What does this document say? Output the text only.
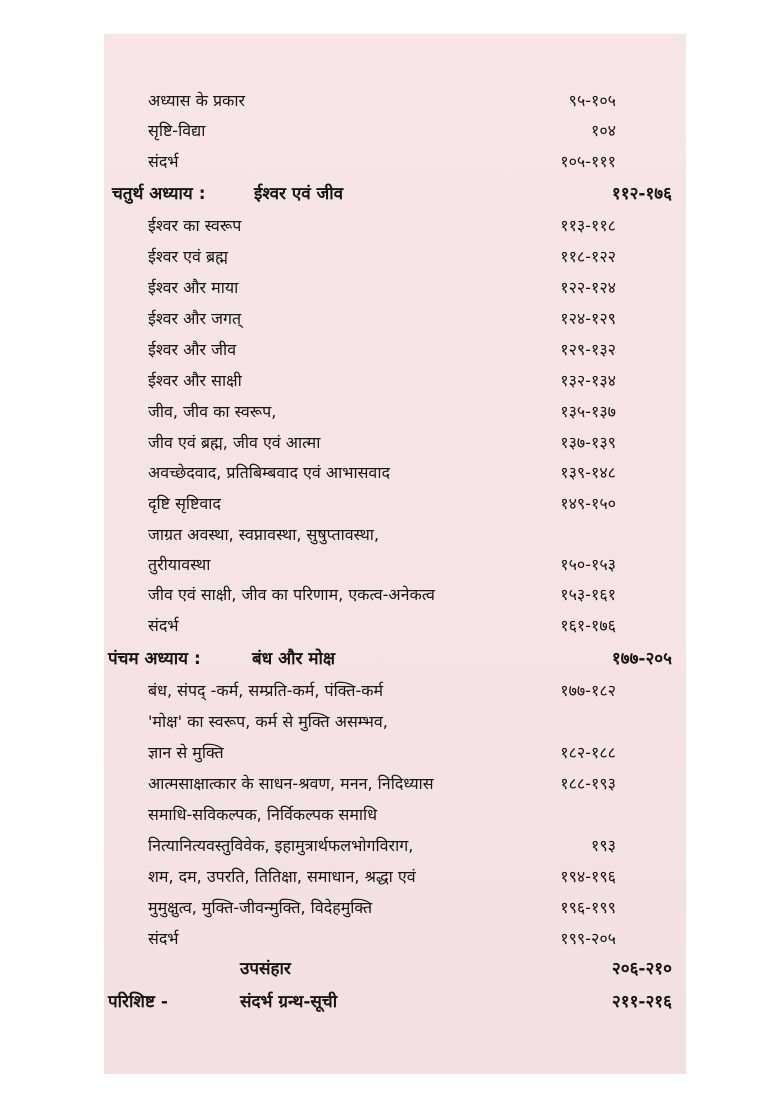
अध्यास के प्रकार	९५-१०५
सृष्टि-विद्या	१०४
संदर्भ	१०५-१११
चतुर्थ अध्याय :	ईश्वर एवं जीव	११२-१७६
ईश्वर का स्वरूप	११३-११८
ईश्वर एवं ब्रह्म	११८-१२२
ईश्वर और माया	१२२-१२४
ईश्वर और जगत्	१२४-१२९
ईश्वर और जीव	१२९-१३२
ईश्वर और साक्षी	१३२-१३४
जीव, जीव का स्वरूप,	१३५-१३७
जीव एवं ब्रह्म, जीव एवं आत्मा	१३७-१३९
अवच्छेदवाद, प्रतिबिम्बवाद एवं आभासवाद	१३९-१४८
दृष्टि सृष्टिवाद	१४९-१५०
जाग्रत अवस्था, स्वप्नावस्था, सुषुप्तावस्था,
तुरीयावस्था	१५०-१५३
जीव एवं साक्षी, जीव का परिणाम, एकत्व-अनेकत्व	१५३-१६१
संदर्भ	१६१-१७६
पंचम अध्याय :	बंध और मोक्ष	१७७-२०५
बंध, संपद् -कर्म, सम्प्रति-कर्म, पंक्ति-कर्म	१७७-१८२
'मोक्ष' का स्वरूप, कर्म से मुक्ति असम्भव,
ज्ञान से मुक्ति	१८२-१८८
आत्मसाक्षात्कार के साधन-श्रवण, मनन, निदिध्यास	१८८-१९३
समाधि-सविकल्पक, निर्विकल्पक समाधि
नित्यानित्यवस्तुविवेक, इहामुत्रार्थफलभोगविराग,	१९३
शम, दम, उपरति, तितिक्षा, समाधान, श्रद्धा एवं	१९४-१९६
मुमुक्षुत्व, मुक्ति-जीवन्मुक्ति, विदेहमुक्ति	१९६-१९९
संदर्भ	१९९-२०५
उपसंहार	२०६-२१०
परिशिष्ट -	संदर्भ ग्रन्थ-सूची	२११-२१६
